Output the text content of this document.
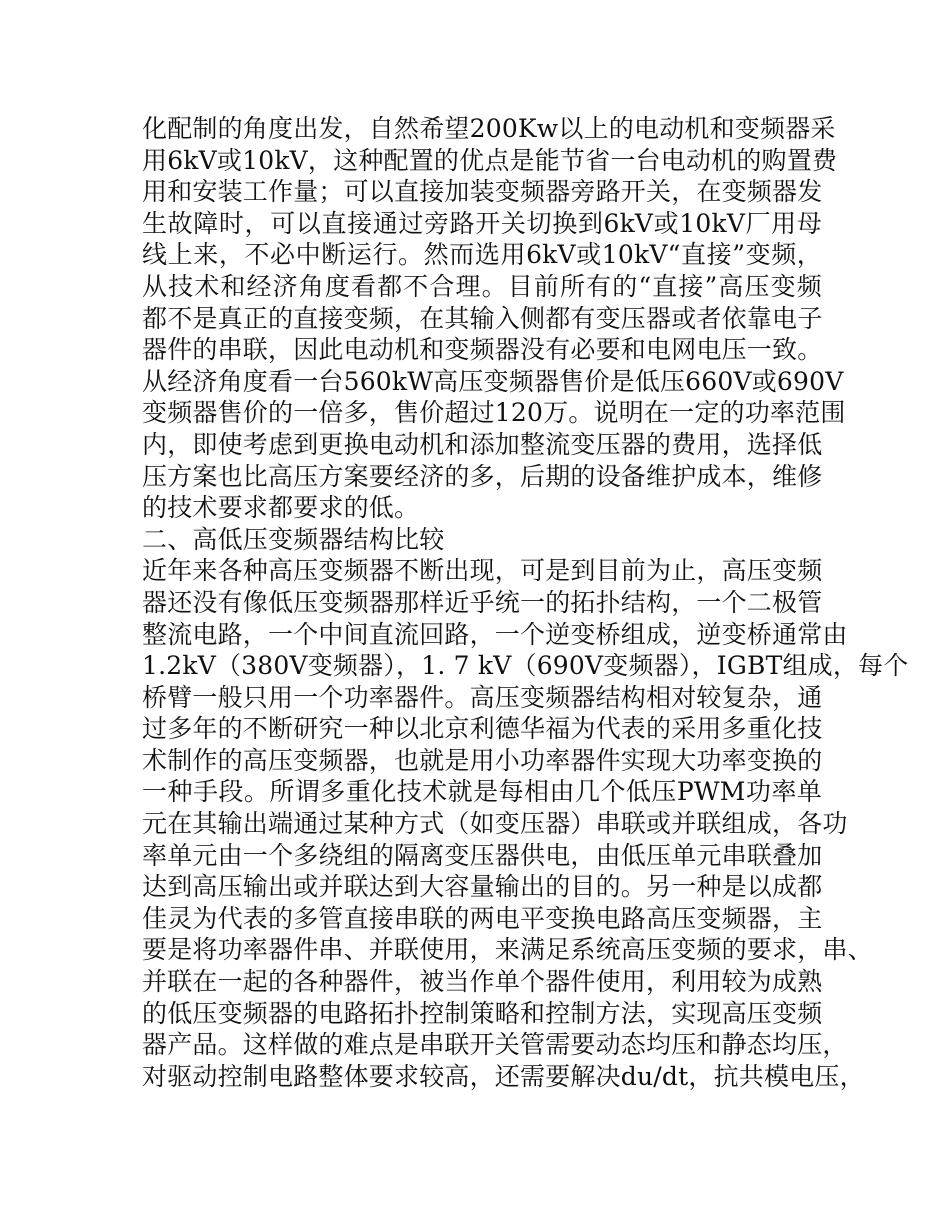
化配制的角度出发，自然希望200Kw以上的电动机和变频器采
用6kV或10kV，这种配置的优点是能节省一台电动机的购置费
用和安装工作量；可以直接加装变频器旁路开关，在变频器发
生故障时，可以直接通过旁路开关切换到6kV或10kV厂用母
线上来，不必中断运行。然而选用6kV或10kV“直接”变频，
从技术和经济角度看都不合理。目前所有的“直接”高压变频
都不是真正的直接变频，在其输入侧都有变压器或者依靠电子
器件的串联，因此电动机和变频器没有必要和电网电压一致。
从经济角度看一台560kW高压变频器售价是低压660V或690V
变频器售价的一倍多，售价超过120万。说明在一定的功率范围
内，即使考虑到更换电动机和添加整流变压器的费用，选择低
压方案也比高压方案要经济的多，后期的设备维护成本，维修
的技术要求都要求的低。
二、高低压变频器结构比较
近年来各种高压变频器不断出现，可是到目前为止，高压变频
器还没有像低压变频器那样近乎统一的拓扑结构，一个二极管
整流电路，一个中间直流回路，一个逆变桥组成，逆变桥通常由
1.2kV（380V变频器），1. 7 kV（690V变频器），IGBT组成，每个
桥臂一般只用一个功率器件。高压变频器结构相对较复杂，通
过多年的不断研究一种以北京利德华福为代表的采用多重化技
术制作的高压变频器，也就是用小功率器件实现大功率变换的
一种手段。所谓多重化技术就是每相由几个低压PWM功率单
元在其输出端通过某种方式（如变压器）串联或并联组成，各功
率单元由一个多绕组的隔离变压器供电，由低压单元串联叠加
达到高压输出或并联达到大容量输出的目的。另一种是以成都
佳灵为代表的多管直接串联的两电平变换电路高压变频器，主
要是将功率器件串、并联使用，来满足系统高压变频的要求，串、
并联在一起的各种器件，被当作单个器件使用，利用较为成熟
的低压变频器的电路拓扑控制策略和控制方法，实现高压变频
器产品。这样做的难点是串联开关管需要动态均压和静态均压，
对驱动控制电路整体要求较高，还需要解决du/dt，抗共模电压，
